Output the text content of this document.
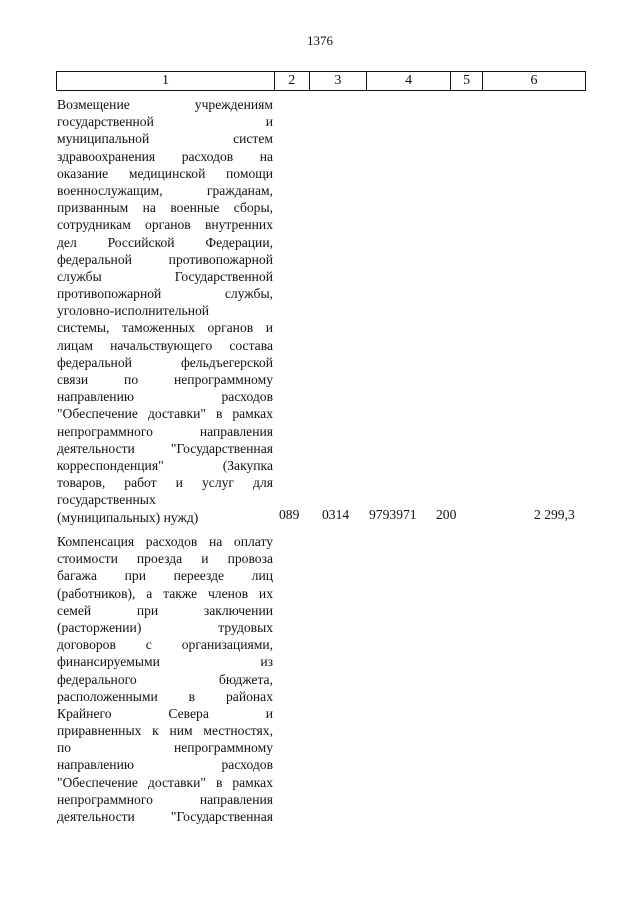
1376
1	2	3	4	5	6
Возмещение учреждениям
государственной и
муниципальной систем
здравоохранения расходов на
оказание медицинской помощи
военнослужащим, гражданам,
призванным на военные сборы,
сотрудникам органов внутренних
дел Российской Федерации,
федеральной противопожарной
службы Государственной
противопожарной службы,
уголовно-исполнительной
системы, таможенных органов и
лицам начальствующего состава
федеральной фельдъегерской
связи по непрограммному
направлению расходов
"Обеспечение доставки" в рамках
непрограммного направления
деятельности "Государственная
корреспонденция" (Закупка
товаров, работ и услуг для
государственных
(муниципальных) нужд)	089 0314 9793971 200	2 299,3
Компенсация расходов на оплату
стоимости проезда и провоза
багажа при переезде лиц
(работников), а также членов их
семей при заключении
(расторжении) трудовых
договоров с организациями,
финансируемыми из
федерального бюджета,
расположенными в районах
Крайнего Севера и
приравненных к ним местностях,
по непрограммному
направлению расходов
"Обеспечение доставки" в рамках
непрограммного направления
деятельности "Государственная
